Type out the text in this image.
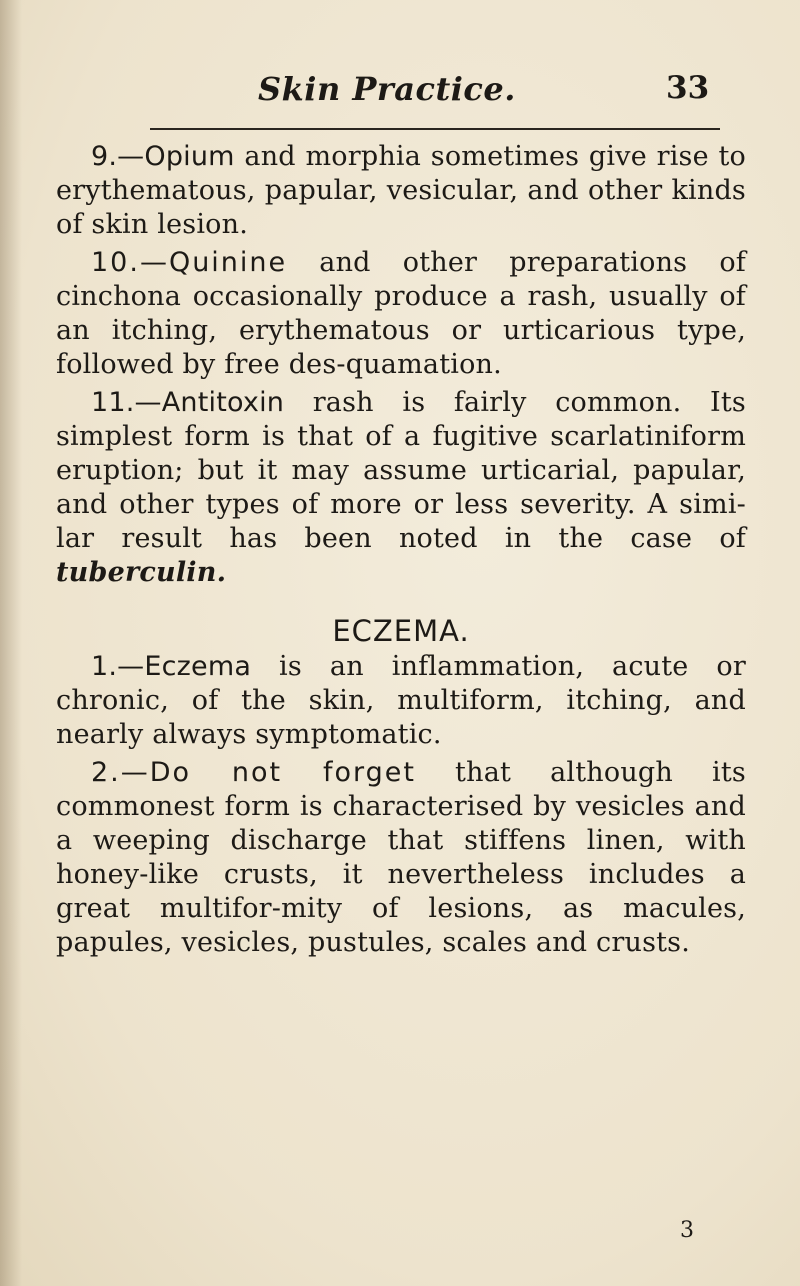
Skin Practice.	33

9.—Opium and morphia sometimes give rise to erythematous, papular, vesicular, and other kinds of skin lesion.

10.—Quinine and other preparations of cinchona occasionally produce a rash, usually of an itching, erythematous or urticarious type, followed by free des-quamation.

11.—Antitoxin rash is fairly common. Its simplest form is that of a fugitive scarlatiniform eruption; but it may assume urticarial, papular, and other types of more or less severity. A simi-lar result has been noted in the case of tuberculin.

ECZEMA.

1.—Eczema is an inflammation, acute or chronic, of the skin, multiform, itching, and nearly always symptomatic.

2.—Do not forget that although its commonest form is characterised by vesicles and a weeping discharge that stiffens linen, with honey-like crusts, it nevertheless includes a great multifor-mity of lesions, as macules, papules, vesicles, pustules, scales and crusts.

3
